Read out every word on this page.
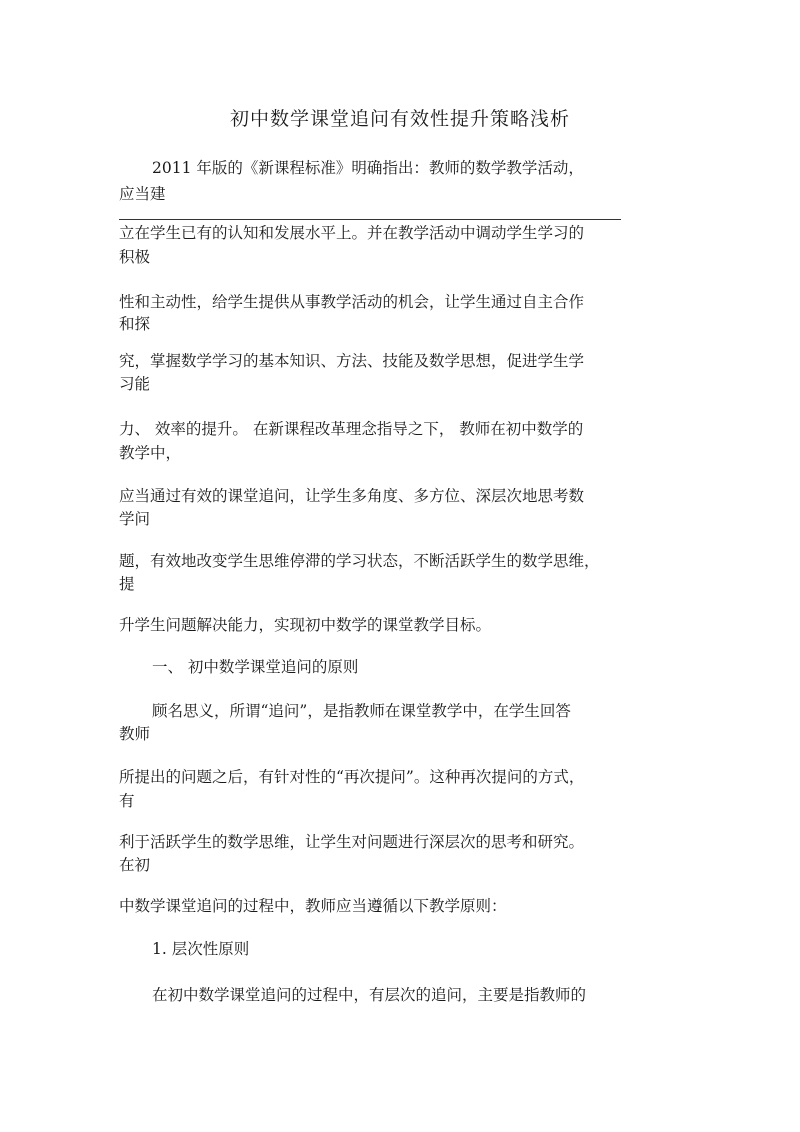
初中数学课堂追问有效性提升策略浅析
2011 年版的《新课程标准》明确指出：教师的数学教学活动，
应当建
立在学生已有的认知和发展水平上。并在教学活动中调动学生学习的
积极
性和主动性，给学生提供从事教学活动的机会，让学生通过自主合作
和探
究，掌握数学学习的基本知识、方法、技能及数学思想，促进学生学
习能
力、 效率的提升。 在新课程改革理念指导之下， 教师在初中数学的
教学中，
应当通过有效的课堂追问，让学生多角度、多方位、深层次地思考数
学问
题，有效地改变学生思维停滞的学习状态，不断活跃学生的数学思维，
提
升学生问题解决能力，实现初中数学的课堂教学目标。
一、 初中数学课堂追问的原则
顾名思义，所谓“追问”，是指教师在课堂教学中，在学生回答
教师
所提出的问题之后，有针对性的“再次提问”。这种再次提问的方式，
有
利于活跃学生的数学思维，让学生对问题进行深层次的思考和研究。
在初
中数学课堂追问的过程中，教师应当遵循以下教学原则：
1. 层次性原则
在初中数学课堂追问的过程中，有层次的追问，主要是指教师的
